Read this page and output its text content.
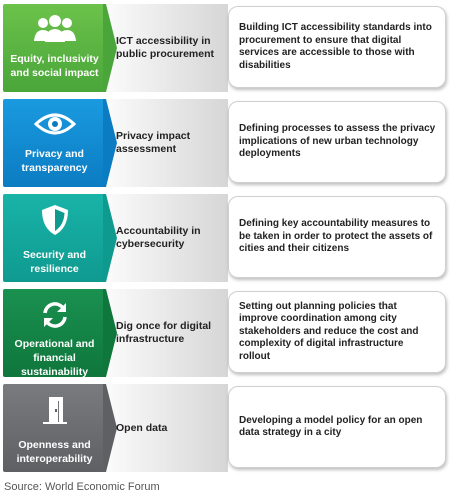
Equity, inclusivity and social impact
ICT accessibility in public procurement
Building ICT accessibility standards into procurement to ensure that digital services are accessible to those with disabilities
Privacy and transparency
Privacy impact assessment
Defining processes to assess the privacy implications of new urban technology deployments
Security and resilience
Accountability in cybersecurity
Defining key accountability measures to be taken in order to protect the assets of cities and their citizens
Operational and financial sustainability
Dig once for digital infrastructure
Setting out planning policies that improve coordination among city stakeholders and reduce the cost and complexity of digital infrastructure rollout
Openness and interoperability
Open data
Developing a model policy for an open data strategy in a city
Source: World Economic Forum
